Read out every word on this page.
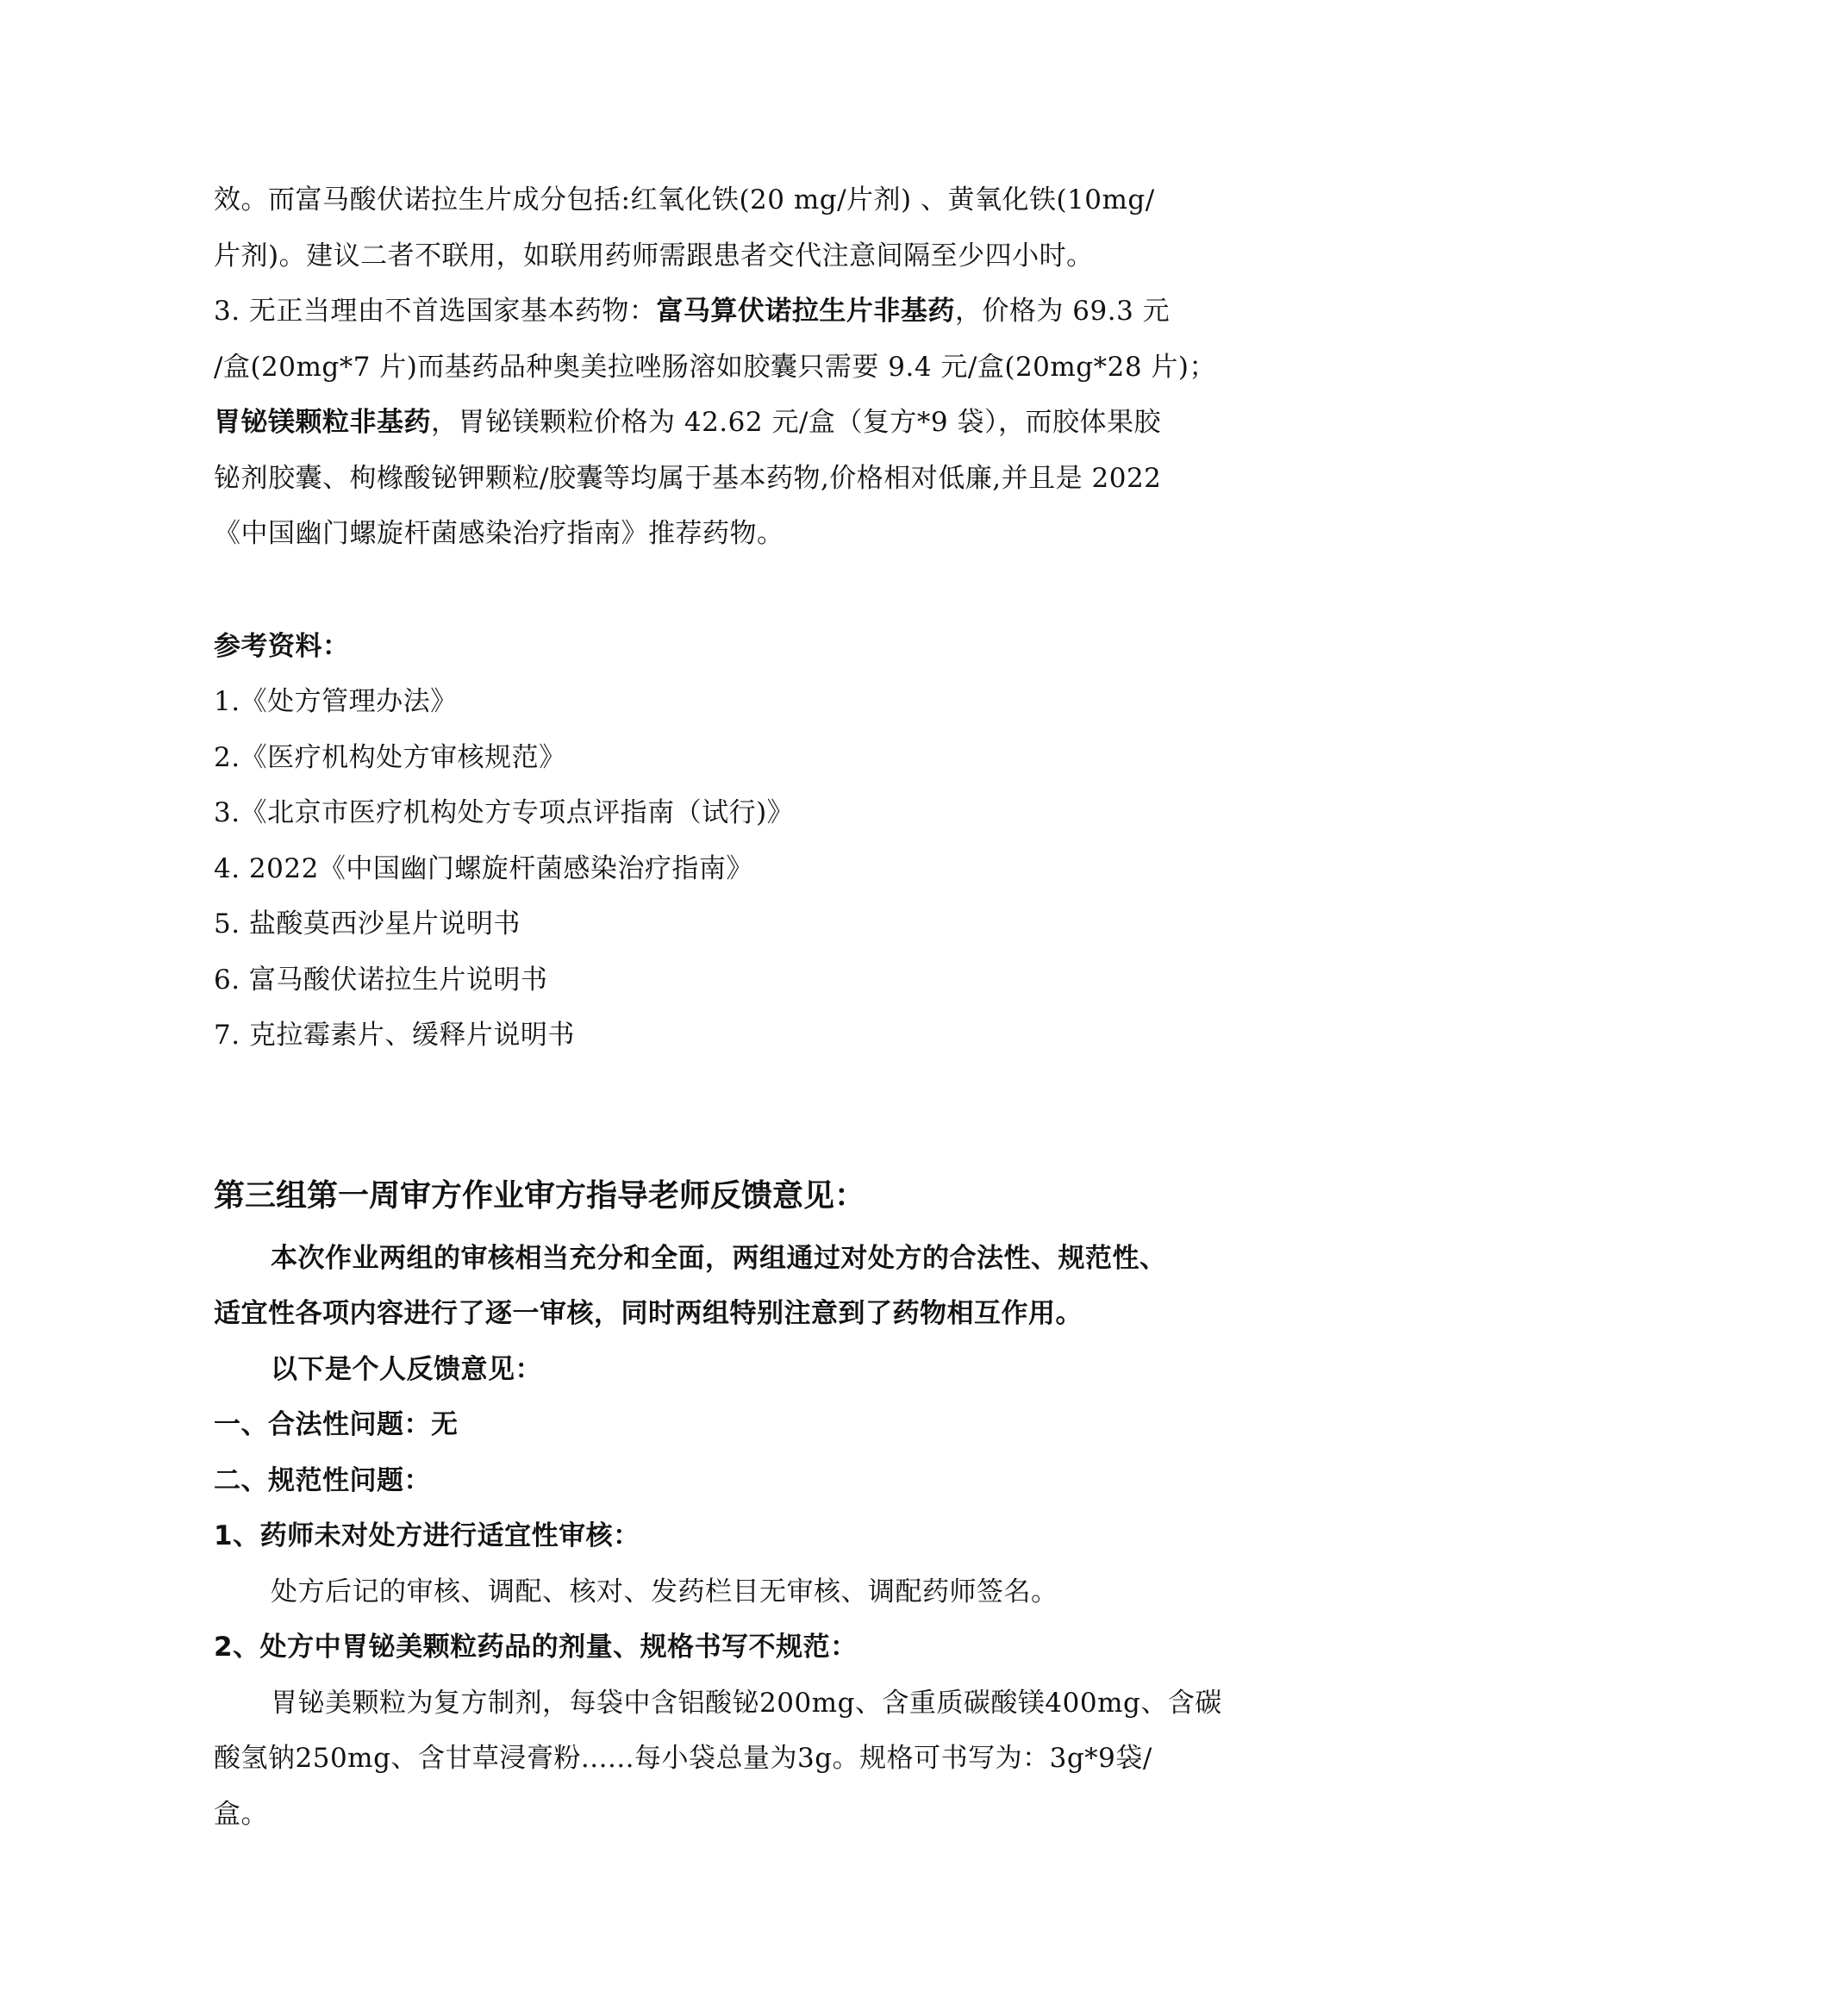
效。而富马酸伏诺拉生片成分包括:红氧化铁(20 mg/片剂) 、黄氧化铁(10mg/
片剂)。建议二者不联用，如联用药师需跟患者交代注意间隔至少四小时。
3. 无正当理由不首选国家基本药物：富马算伏诺拉生片非基药，价格为 69.3 元
/盒(20mg*7 片)而基药品种奥美拉唑肠溶如胶囊只需要 9.4 元/盒(20mg*28 片)；
胃铋镁颗粒非基药，胃铋镁颗粒价格为 42.62 元/盒（复方*9 袋），而胶体果胶
铋剂胶囊、枸橼酸铋钾颗粒/胶囊等均属于基本药物,价格相对低廉,并且是 2022
《中国幽门螺旋杆菌感染治疗指南》推荐药物。
参考资料：
1.《处方管理办法》
2.《医疗机构处方审核规范》
3.《北京市医疗机构处方专项点评指南（试行)》
4. 2022《中国幽门螺旋杆菌感染治疗指南》
5. 盐酸莫西沙星片说明书
6. 富马酸伏诺拉生片说明书
7. 克拉霉素片、缓释片说明书
第三组第一周审方作业审方指导老师反馈意见：
本次作业两组的审核相当充分和全面，两组通过对处方的合法性、规范性、
适宜性各项内容进行了逐一审核，同时两组特别注意到了药物相互作用。
以下是个人反馈意见：
一、合法性问题：无
二、规范性问题：
1、药师未对处方进行适宜性审核：
处方后记的审核、调配、核对、发药栏目无审核、调配药师签名。
2、处方中胃铋美颗粒药品的剂量、规格书写不规范：
胃铋美颗粒为复方制剂，每袋中含铝酸铋200mg、含重质碳酸镁400mg、含碳
酸氢钠250mg、含甘草浸膏粉......每小袋总量为3g。规格可书写为：3g*9袋/
盒。
